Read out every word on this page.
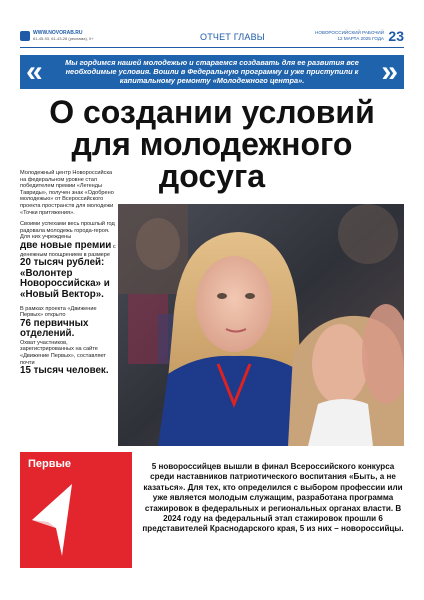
WWW.NOVORAB.RU
61-45-93, 61-43-28 (реклама), 0+	ОТЧЕТ ГЛАВЫ	НОВОРОССИЙСКИЙ РАБОЧИЙ
12 МАРТА 2025 ГОДА 23
«	Мы гордимся нашей молодежью и стараемся создавать для ее развития все необходимые условия. Вошли в Федеральную программу и уже приступили к капитальному ремонту «Молодежного центра».	»
О создании условий
для молодежного
досуга

Молодежный центр Новороссийска на федеральном уровне стал победителем премии «Легенды Тавриды», получен знак «Одобрено молодежью» от Всероссийского проекта пространств для молодежи «Точки притяжения».

Своими успехами весь прошлый год радовала молодежь города-героя. Для них учреждены
две новые премии с денежным поощрением в размере
20 тысяч рублей: «Волонтер Новороссийска» и «Новый Вектор».

В рамках проекта «Движение Первых» открыто
76 первичных отделений.
Охват участников, зарегистрированных на сайте «Движение Первых», составляет почти
15 тысяч человек.

Первые	5 новороссийцев вышли в финал Всероссийского конкурса среди наставников патриотического воспитания «Быть, а не казаться». Для тех, кто определился с выбором профессии или уже является молодым служащим, разработана программа стажировок в федеральных и региональных органах власти. В 2024 году на федеральный этап стажировок прошли 6 представителей Краснодарского края, 5 из них – новороссийцы.
